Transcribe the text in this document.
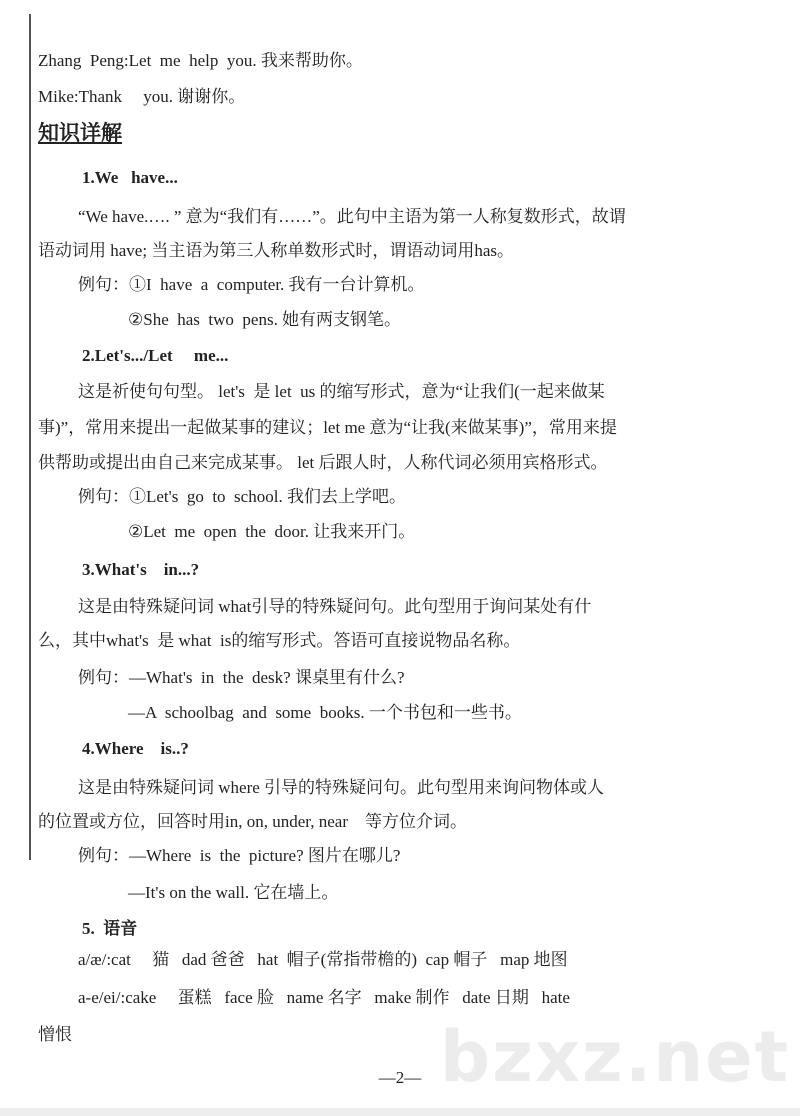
Zhang  Peng:Let  me  help  you. 我来帮助你。
Mike:Thank     you. 谢谢你。
知识详解
1.We   have...
“We have.…. ” 意为“我们有……”。此句中主语为第一人称复数形式，故谓
语动词用 have; 当主语为第三人称单数形式时，谓语动词用has。
例句：①I  have  a  computer. 我有一台计算机。
②She  has  two  pens. 她有两支钢笔。
2.Let's.../Let     me...
这是祈使句句型。 let's  是 let  us 的缩写形式，意为“让我们(一起来做某
事)”，常用来提出一起做某事的建议；let me 意为“让我(来做某事)”，常用来提
供帮助或提出由自己来完成某事。 let 后跟人时，人称代词必须用宾格形式。
例句：①Let's  go  to  school. 我们去上学吧。
②Let  me  open  the  door. 让我来开门。
3.What's    in...?
这是由特殊疑问词 what引导的特殊疑问句。此句型用于询问某处有什
么，其中what's  是 what  is的缩写形式。答语可直接说物品名称。
例句：—What's  in  the  desk? 课桌里有什么?
—A  schoolbag  and  some  books. 一个书包和一些书。
4.Where    is..?
这是由特殊疑问词 where 引导的特殊疑问句。此句型用来询问物体或人
的位置或方位，回答时用in, on, under, near    等方位介词。
例句：—Where  is  the  picture? 图片在哪儿?
—It's on the wall. 它在墙上。
5.  语音
a/æ/:cat     猫   dad 爸爸   hat  帽子(常指带檐的)  cap 帽子   map 地图
a-e/ei/:cake     蛋糕   face 脸   name 名字   make 制作   date 日期   hate
憎恨	bzxz.net
—2—
